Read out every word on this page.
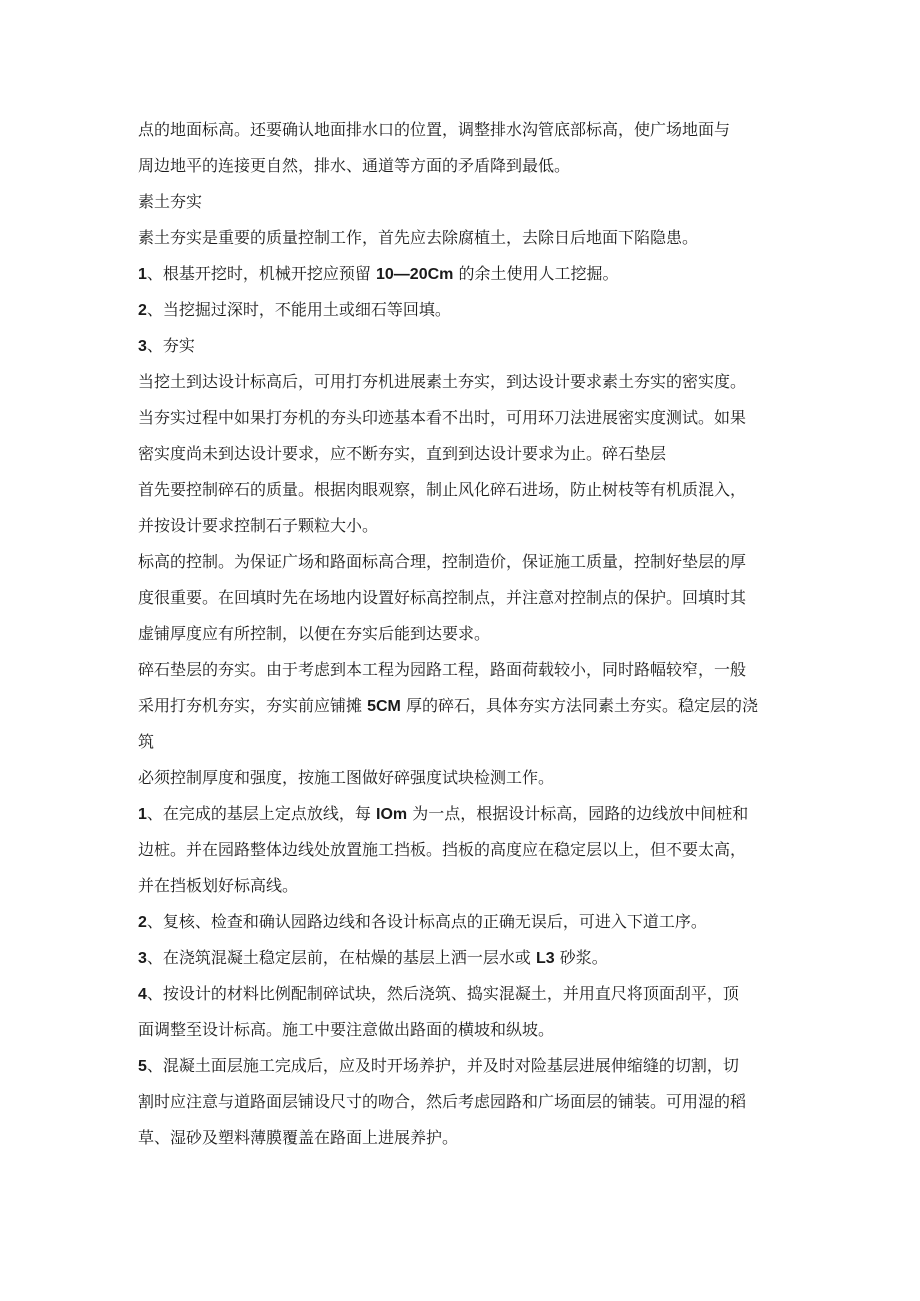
点的地面标高。还要确认地面排水口的位置，调整排水沟管底部标高，使广场地面与
周边地平的连接更自然，排水、通道等方面的矛盾降到最低。
素土夯实
素土夯实是重要的质量控制工作，首先应去除腐植土，去除日后地面下陷隐患。
1、根基开挖时，机械开挖应预留 10—20Cm 的余土使用人工挖掘。
2、当挖掘过深时，不能用土或细石等回填。
3、夯实
当挖土到达设计标高后，可用打夯机进展素土夯实，到达设计要求素土夯实的密实度。
当夯实过程中如果打夯机的夯头印迹基本看不出时，可用环刀法进展密实度测试。如果
密实度尚未到达设计要求，应不断夯实，直到到达设计要求为止。碎石垫层
首先要控制碎石的质量。根据肉眼观察，制止风化碎石进场，防止树枝等有机质混入，
并按设计要求控制石子颗粒大小。
标高的控制。为保证广场和路面标高合理，控制造价，保证施工质量，控制好垫层的厚
度很重要。在回填时先在场地内设置好标高控制点，并注意对控制点的保护。回填时其
虚铺厚度应有所控制，以便在夯实后能到达要求。
碎石垫层的夯实。由于考虑到本工程为园路工程，路面荷载较小，同时路幅较窄，一般
采用打夯机夯实，夯实前应铺摊 5CM 厚的碎石，具体夯实方法同素土夯实。稳定层的浇
筑
必须控制厚度和强度，按施工图做好碎强度试块检测工作。
1、在完成的基层上定点放线，每 IOm 为一点，根据设计标高，园路的边线放中间桩和
边桩。并在园路整体边线处放置施工挡板。挡板的高度应在稳定层以上，但不要太高，
并在挡板划好标高线。
2、复核、检查和确认园路边线和各设计标高点的正确无误后，可进入下道工序。
3、在浇筑混凝土稳定层前，在枯燥的基层上洒一层水或 L3 砂浆。
4、按设计的材料比例配制碎试块，然后浇筑、捣实混凝土，并用直尺将顶面刮平，顶
面调整至设计标高。施工中要注意做出路面的横坡和纵坡。
5、混凝土面层施工完成后，应及时开场养护，并及时对险基层进展伸缩缝的切割，切
割时应注意与道路面层铺设尺寸的吻合，然后考虑园路和广场面层的铺装。可用湿的稻
草、湿砂及塑料薄膜覆盖在路面上进展养护。
